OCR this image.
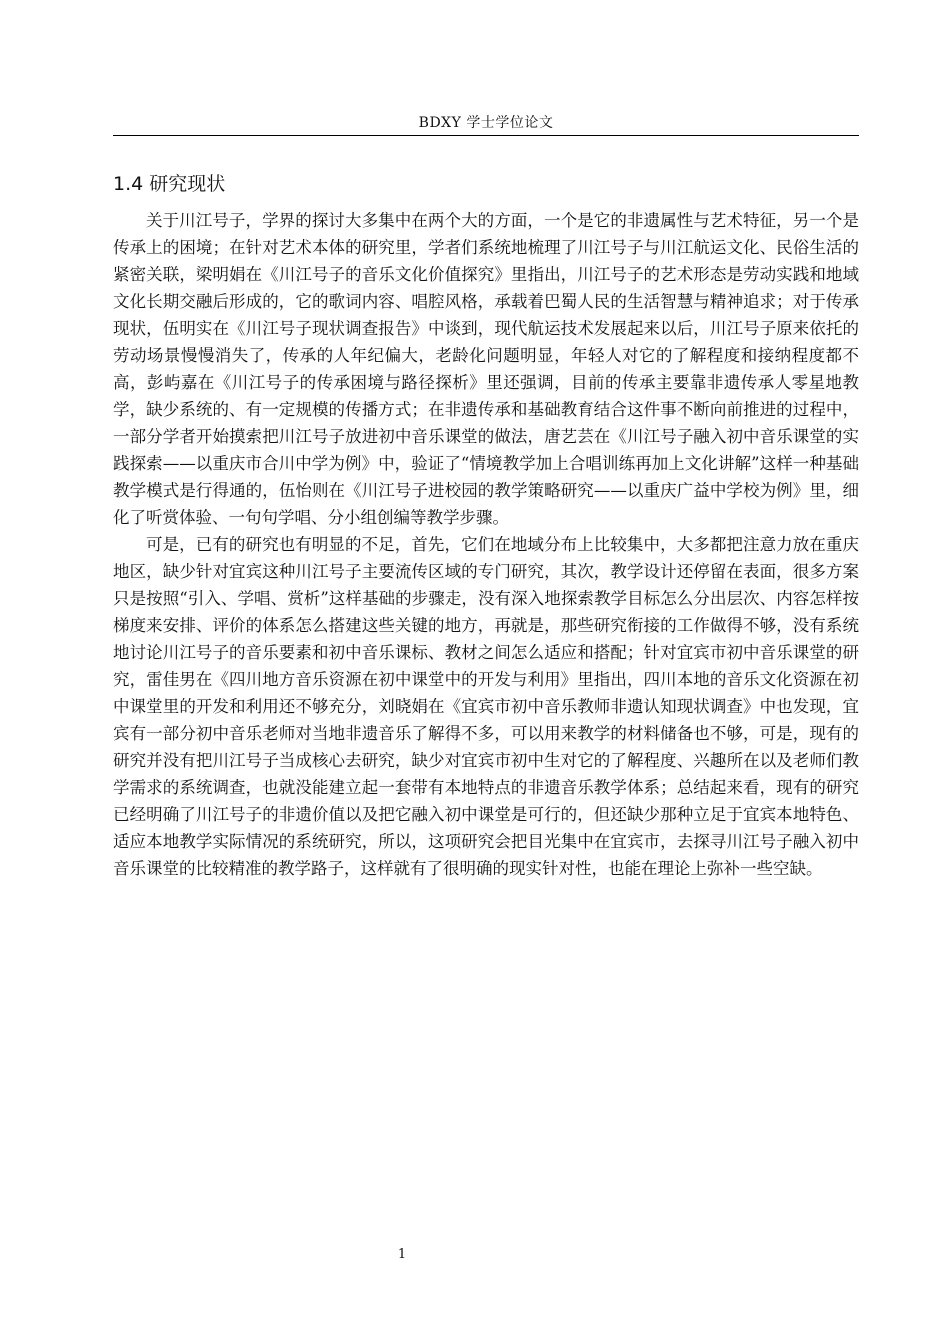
BDXY 学士学位论文
1.4 研究现状

关于川江号子，学界的探讨大多集中在两个大的方面，一个是它的非遗属性与艺术特征，另一个是传承上的困境；在针对艺术本体的研究里，学者们系统地梳理了川江号子与川江航运文化、民俗生活的紧密关联，梁明娟在《川江号子的音乐文化价值探究》里指出，川江号子的艺术形态是劳动实践和地域文化长期交融后形成的，它的歌词内容、唱腔风格，承载着巴蜀人民的生活智慧与精神追求；对于传承现状，伍明实在《川江号子现状调查报告》中谈到，现代航运技术发展起来以后，川江号子原来依托的劳动场景慢慢消失了，传承的人年纪偏大，老龄化问题明显，年轻人对它的了解程度和接纳程度都不高，彭屿嘉在《川江号子的传承困境与路径探析》里还强调，目前的传承主要靠非遗传承人零星地教学，缺少系统的、有一定规模的传播方式；在非遗传承和基础教育结合这件事不断向前推进的过程中，一部分学者开始摸索把川江号子放进初中音乐课堂的做法，唐艺芸在《川江号子融入初中音乐课堂的实践探索——以重庆市合川中学为例》中，验证了“情境教学加上合唱训练再加上文化讲解”这样一种基础教学模式是行得通的，伍怡则在《川江号子进校园的教学策略研究——以重庆广益中学校为例》里，细化了听赏体验、一句句学唱、分小组创编等教学步骤。

可是，已有的研究也有明显的不足，首先，它们在地域分布上比较集中，大多都把注意力放在重庆地区，缺少针对宜宾这种川江号子主要流传区域的专门研究，其次，教学设计还停留在表面，很多方案只是按照“引入、学唱、赏析”这样基础的步骤走，没有深入地探索教学目标怎么分出层次、内容怎样按梯度来安排、评价的体系怎么搭建这些关键的地方，再就是，那些研究衔接的工作做得不够，没有系统地讨论川江号子的音乐要素和初中音乐课标、教材之间怎么适应和搭配；针对宜宾市初中音乐课堂的研究，雷佳男在《四川地方音乐资源在初中课堂中的开发与利用》里指出，四川本地的音乐文化资源在初中课堂里的开发和利用还不够充分，刘晓娟在《宜宾市初中音乐教师非遗认知现状调查》中也发现，宜宾有一部分初中音乐老师对当地非遗音乐了解得不多，可以用来教学的材料储备也不够，可是，现有的研究并没有把川江号子当成核心去研究，缺少对宜宾市初中生对它的了解程度、兴趣所在以及老师们教学需求的系统调查，也就没能建立起一套带有本地特点的非遗音乐教学体系；总结起来看，现有的研究已经明确了川江号子的非遗价值以及把它融入初中课堂是可行的，但还缺少那种立足于宜宾本地特色、适应本地教学实际情况的系统研究，所以，这项研究会把目光集中在宜宾市，去探寻川江号子融入初中音乐课堂的比较精准的教学路子，这样就有了很明确的现实针对性，也能在理论上弥补一些空缺。

1
